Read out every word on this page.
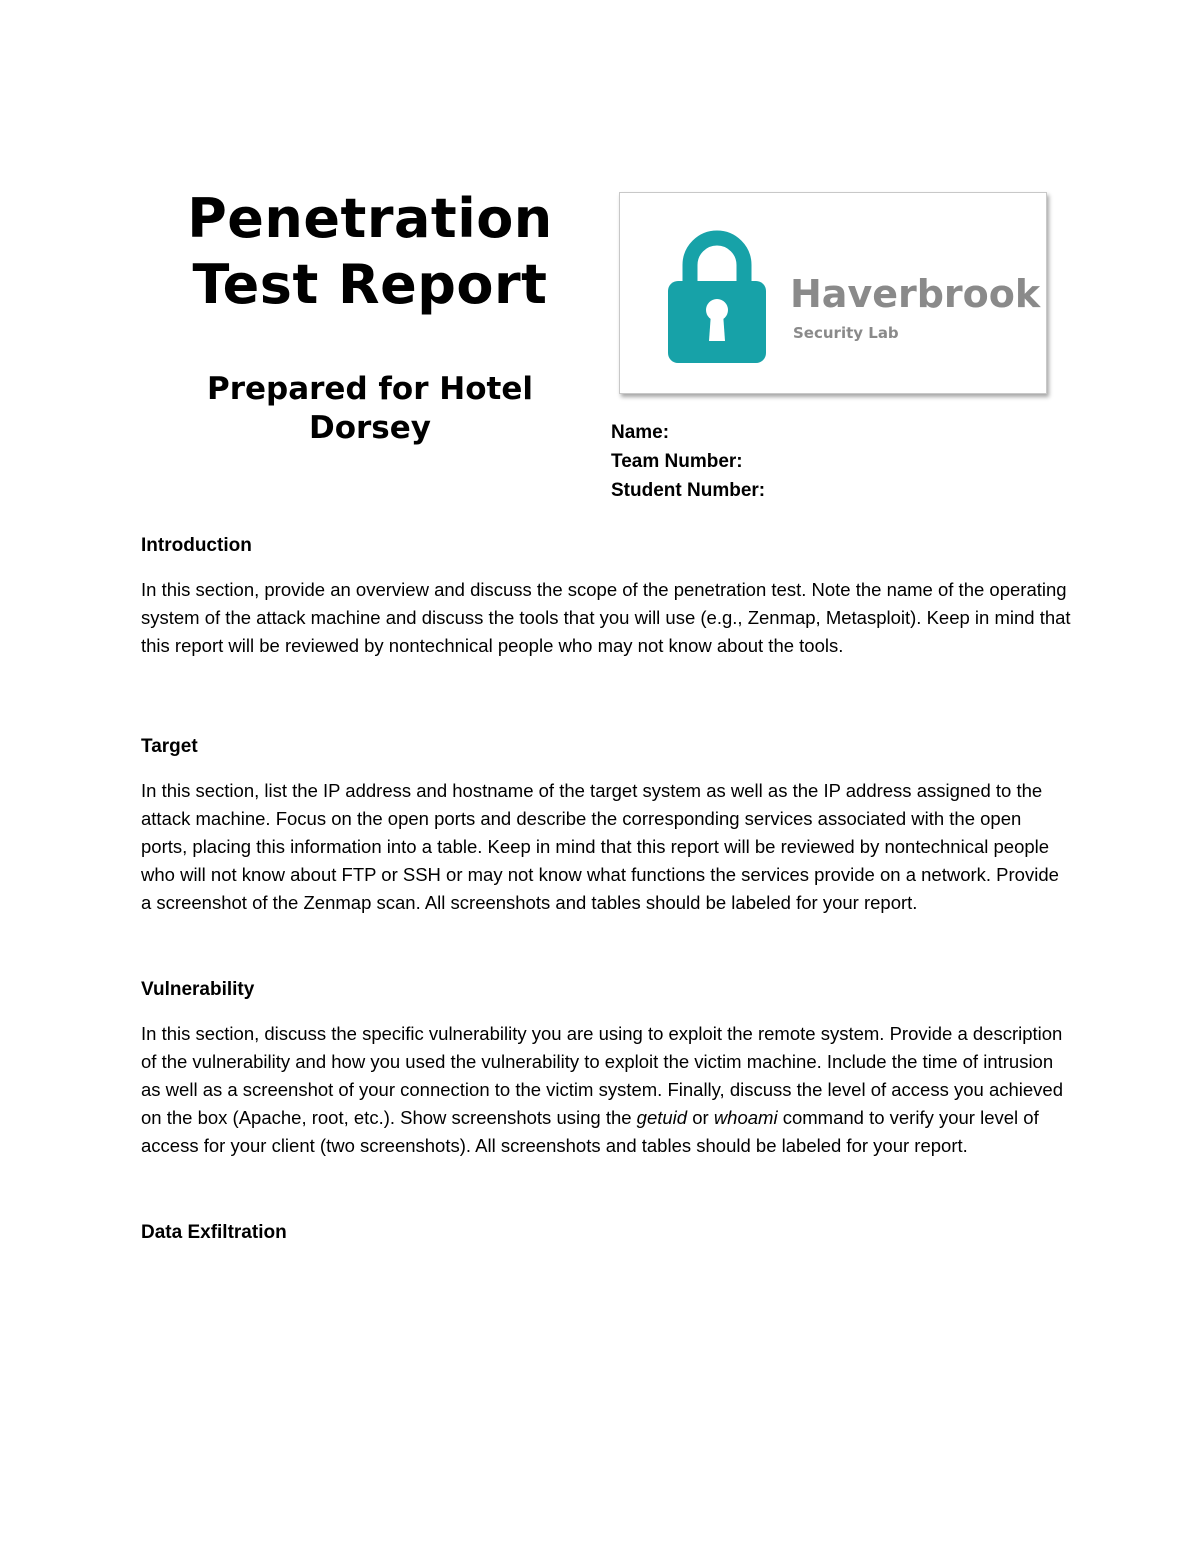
Penetration
Test Report
Prepared for Hotel
Dorsey
Haverbrook
Security Lab
Name:
Team Number:
Student Number:

Introduction

In this section, provide an overview and discuss the scope of the penetration test. Note the name of the operating system of the attack machine and discuss the tools that you will use (e.g., Zenmap, Metasploit). Keep in mind that this report will be reviewed by nontechnical people who may not know about the tools.

Target

In this section, list the IP address and hostname of the target system as well as the IP address assigned to the attack machine. Focus on the open ports and describe the corresponding services associated with the open ports, placing this information into a table. Keep in mind that this report will be reviewed by nontechnical people who will not know about FTP or SSH or may not know what functions the services provide on a network. Provide a screenshot of the Zenmap scan. All screenshots and tables should be labeled for your report.

Vulnerability

In this section, discuss the specific vulnerability you are using to exploit the remote system. Provide a description of the vulnerability and how you used the vulnerability to exploit the victim machine. Include the time of intrusion as well as a screenshot of your connection to the victim system. Finally, discuss the level of access you achieved on the box (Apache, root, etc.). Show screenshots using the getuid or whoami command to verify your level of access for your client (two screenshots). All screenshots and tables should be labeled for your report.

Data Exfiltration
